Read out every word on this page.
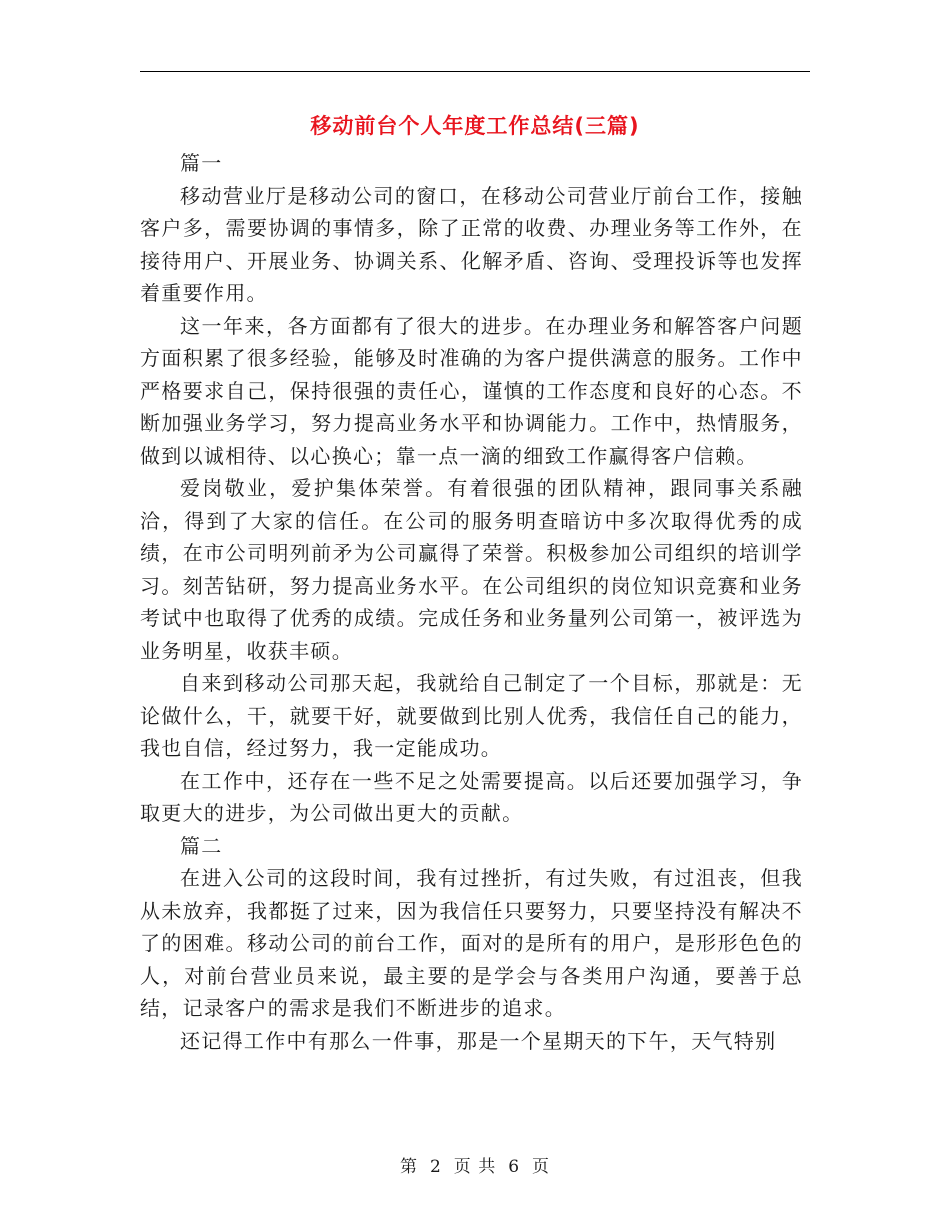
移动前台个人年度工作总结(三篇)

篇一

移动营业厅是移动公司的窗口，在移动公司营业厅前台工作，接触客户多，需要协调的事情多，除了正常的收费、办理业务等工作外，在接待用户、开展业务、协调关系、化解矛盾、咨询、受理投诉等也发挥着重要作用。

这一年来，各方面都有了很大的进步。在办理业务和解答客户问题方面积累了很多经验，能够及时准确的为客户提供满意的服务。工作中严格要求自己，保持很强的责任心，谨慎的工作态度和良好的心态。不断加强业务学习，努力提高业务水平和协调能力。工作中，热情服务，做到以诚相待、以心换心；靠一点一滴的细致工作赢得客户信赖。

爱岗敬业，爱护集体荣誉。有着很强的团队精神，跟同事关系融洽，得到了大家的信任。在公司的服务明查暗访中多次取得优秀的成绩，在市公司明列前矛为公司赢得了荣誉。积极参加公司组织的培训学习。刻苦钻研，努力提高业务水平。在公司组织的岗位知识竞赛和业务考试中也取得了优秀的成绩。完成任务和业务量列公司第一，被评选为业务明星，收获丰硕。

自来到移动公司那天起，我就给自己制定了一个目标，那就是：无论做什么，干，就要干好，就要做到比别人优秀，我信任自己的能力，我也自信，经过努力，我一定能成功。

在工作中，还存在一些不足之处需要提高。以后还要加强学习，争取更大的进步，为公司做出更大的贡献。

篇二

在进入公司的这段时间，我有过挫折，有过失败，有过沮丧，但我从未放弃，我都挺了过来，因为我信任只要努力，只要坚持没有解决不了的困难。移动公司的前台工作，面对的是所有的用户，是形形色色的人，对前台营业员来说，最主要的是学会与各类用户沟通，要善于总结，记录客户的需求是我们不断进步的追求。

还记得工作中有那么一件事，那是一个星期天的下午，天气特别

第 2 页 共 6 页
